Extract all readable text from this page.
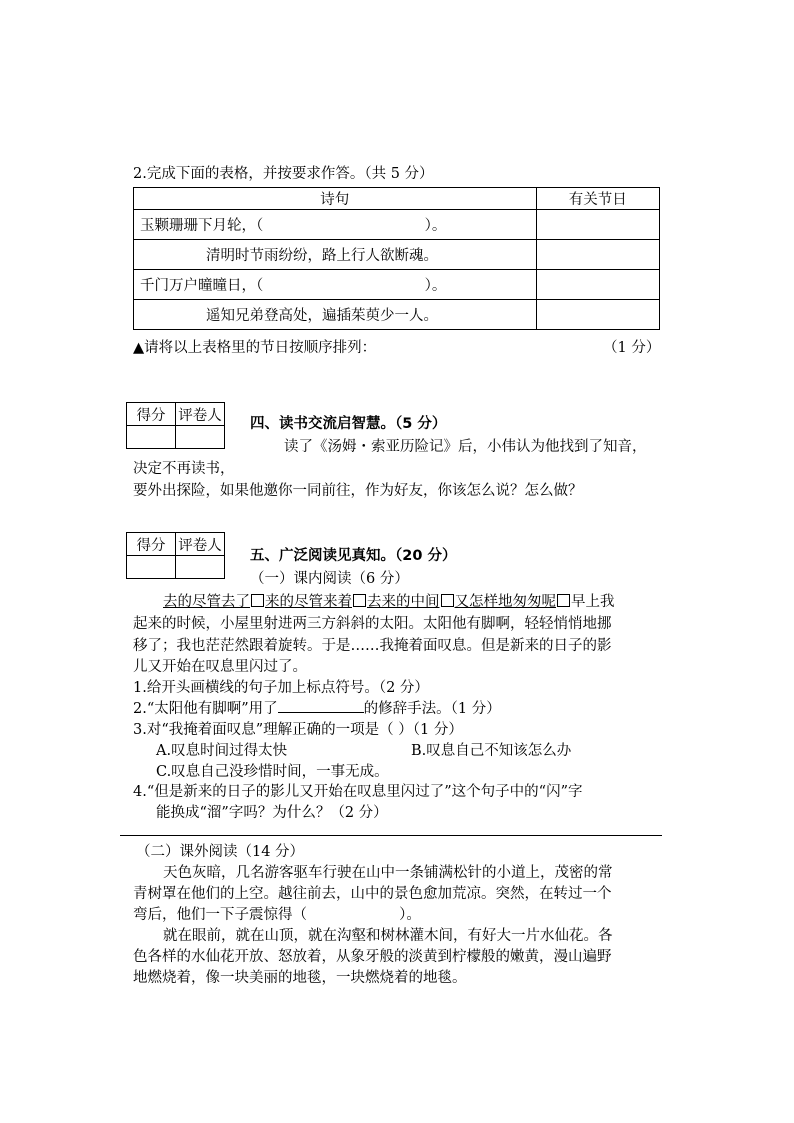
2.完成下面的表格，并按要求作答。（共 5 分）
诗句	有关节日
玉颗珊珊下月轮，（                                   ）。	
清明时节雨纷纷，路上行人欲断魂。	
千门万户曈曈日，（                                   ）。	
遥知兄弟登高处，遍插茱萸少一人。	
▲请将以上表格里的节日按顺序排列：	（1 分）
得分	评卷人

四、读书交流启智慧。（5 分）
读了《汤姆・索亚历险记》后，小伟认为他找到了知音，
决定不再读书，
要外出探险，如果他邀你一同前往，作为好友，你该怎么说？怎么做？
得分	评卷人

五、广泛阅读见真知。（20 分）
（一）课内阅读（6 分）
去的尽管去了 来的尽管来着 去来的中间 又怎样地匆匆呢 早上我
起来的时候，小屋里射进两三方斜斜的太阳。太阳他有脚啊，轻轻悄悄地挪
移了；我也茫茫然跟着旋转。于是……我掩着面叹息。但是新来的日子的影
儿又开始在叹息里闪过了。
1.给开头画横线的句子加上标点符号。（2 分）
2.“太阳他有脚啊”用了	的修辞手法。（1 分）
3.对“我掩着面叹息”理解正确的一项是（ ）（1 分）
A.叹息时间过得太快	B.叹息自己不知该怎么办
C.叹息自己没珍惜时间，一事无成。
4.“但是新来的日子的影儿又开始在叹息里闪过了”这个句子中的“闪”字
能换成“溜”字吗？为什么？（2 分）
（二）课外阅读（14 分）
天色灰暗，几名游客驱车行驶在山中一条铺满松针的小道上，茂密的常
青树罩在他们的上空。越往前去，山中的景色愈加荒凉。突然，在转过一个
弯后，他们一下子震惊得（                    ）。
就在眼前，就在山顶，就在沟壑和树林灌木间，有好大一片水仙花。各
色各样的水仙花开放、怒放着，从象牙般的淡黄到柠檬般的嫩黄，漫山遍野
地燃烧着，像一块美丽的地毯，一块燃烧着的地毯。
